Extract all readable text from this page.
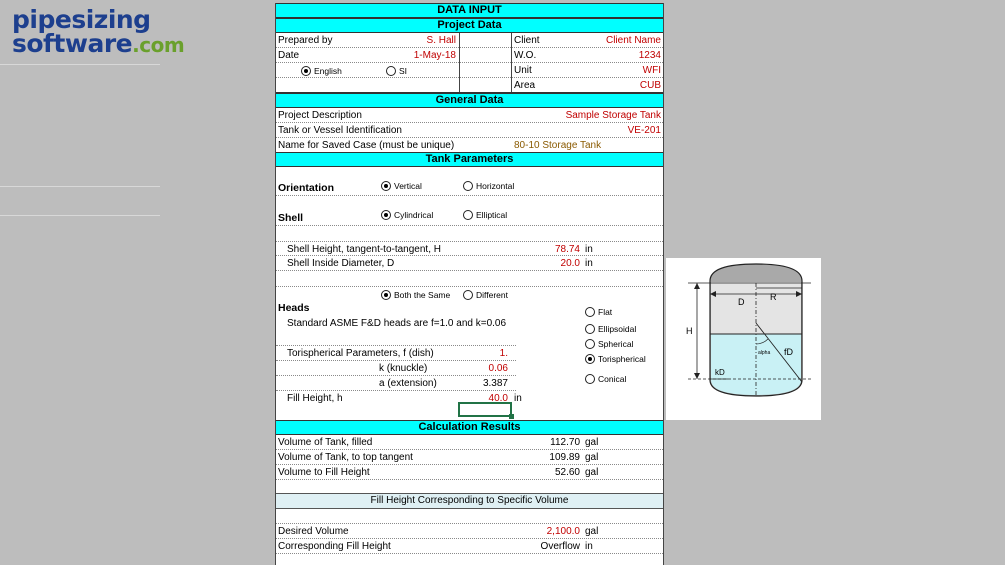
pipesizing
software.com
DATA INPUT
Project Data
Prepared by	S. Hall	Client	Client Name
Date	1-May-18	W.O.	1234
Unit	WFI
English	SI
Area	CUB
General Data
Project Description	Sample Storage Tank
Tank or Vessel Identification	VE-201
Name for Saved Case (must be unique)	80-10 Storage Tank
Tank Parameters
Orientation	Vertical	Horizontal
Shell	Cylindrical	Elliptical
Shell Height, tangent-to-tangent, H	78.74 in
Shell Inside Diameter, D	20.0 in
Both the Same	Different
Heads
Standard ASME F&D heads are f=1.0 and k=0.06
Flat
Ellipsoidal
Spherical
Torispherical
Conical
Torispherical Parameters, f (dish)	1.
k (knuckle)	0.06
a (extension)	3.387
Fill Height, h	40.0 in
Calculation Results
Volume of Tank, filled	112.70 gal
Volume of Tank, to top tangent	109.89 gal
Volume to Fill Height	52.60 gal
Fill Height Corresponding to Specific Volume
Desired Volume	2,100.0 gal
Corresponding Fill Height	Overflow in
H
D	R
fD
alpha
kD
